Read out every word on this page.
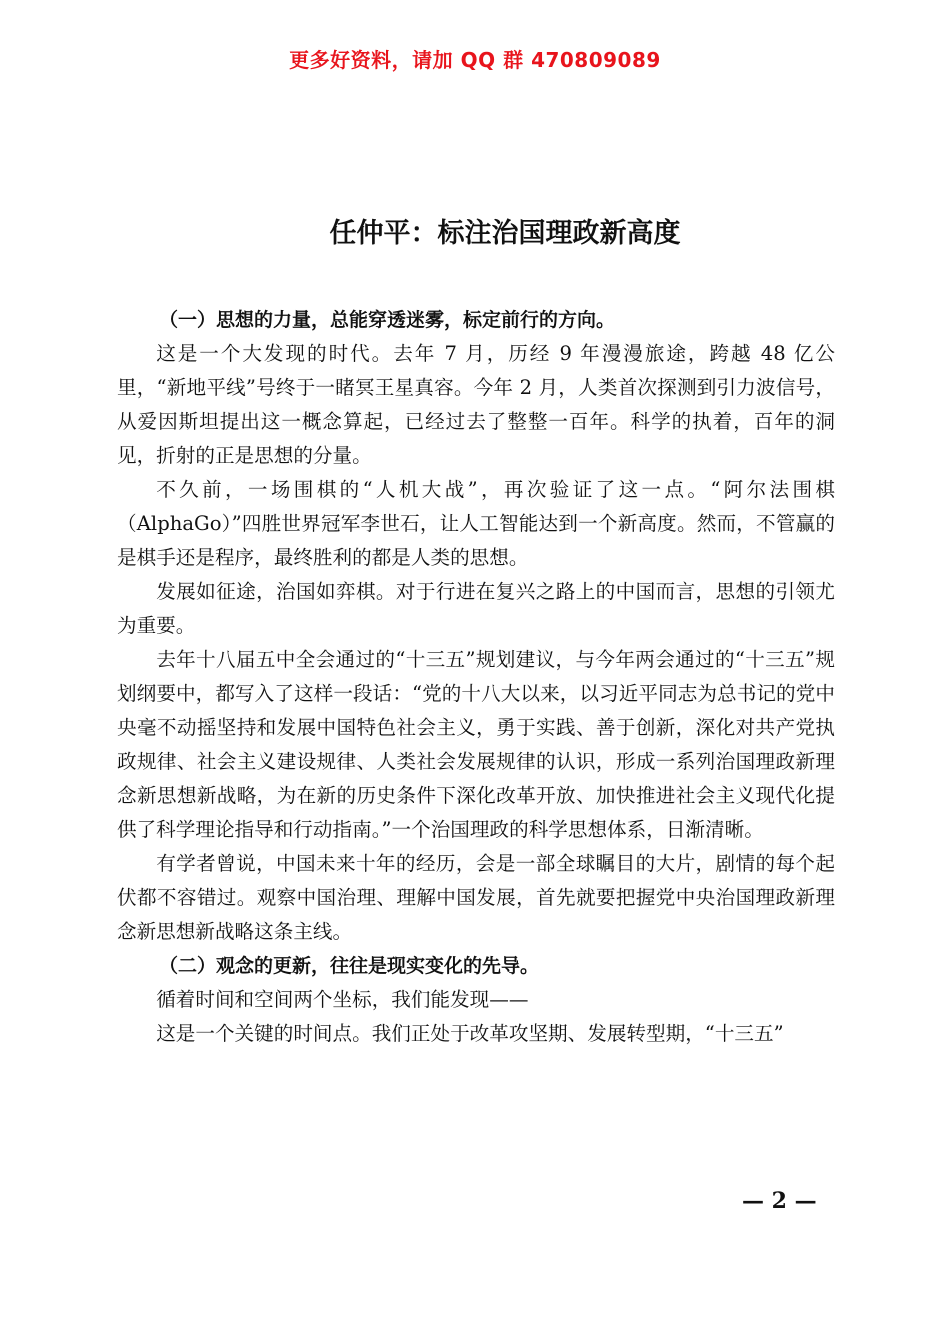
更多好资料，请加 QQ 群 470809089
任仲平：标注治国理政新高度

（一）思想的力量，总能穿透迷雾，标定前行的方向。

这是一个大发现的时代。去年 7 月，历经 9 年漫漫旅途，跨越 48 亿公里，“新地平线”号终于一睹冥王星真容。今年 2 月，人类首次探测到引力波信号，从爱因斯坦提出这一概念算起，已经过去了整整一百年。科学的执着，百年的洞见，折射的正是思想的分量。

不久前，一场围棋的“人机大战”，再次验证了这一点。“阿尔法围棋（AlphaGo）”四胜世界冠军李世石，让人工智能达到一个新高度。然而，不管赢的是棋手还是程序，最终胜利的都是人类的思想。

发展如征途，治国如弈棋。对于行进在复兴之路上的中国而言，思想的引领尤为重要。

去年十八届五中全会通过的“十三五”规划建议，与今年两会通过的“十三五”规划纲要中，都写入了这样一段话：“党的十八大以来，以习近平同志为总书记的党中央毫不动摇坚持和发展中国特色社会主义，勇于实践、善于创新，深化对共产党执政规律、社会主义建设规律、人类社会发展规律的认识，形成一系列治国理政新理念新思想新战略，为在新的历史条件下深化改革开放、加快推进社会主义现代化提供了科学理论指导和行动指南。”一个治国理政的科学思想体系，日渐清晰。

有学者曾说，中国未来十年的经历，会是一部全球瞩目的大片，剧情的每个起伏都不容错过。观察中国治理、理解中国发展，首先就要把握党中央治国理政新理念新思想新战略这条主线。

（二）观念的更新，往往是现实变化的先导。

循着时间和空间两个坐标，我们能发现——

这是一个关键的时间点。我们正处于改革攻坚期、发展转型期，“十三五”

— 2 —
